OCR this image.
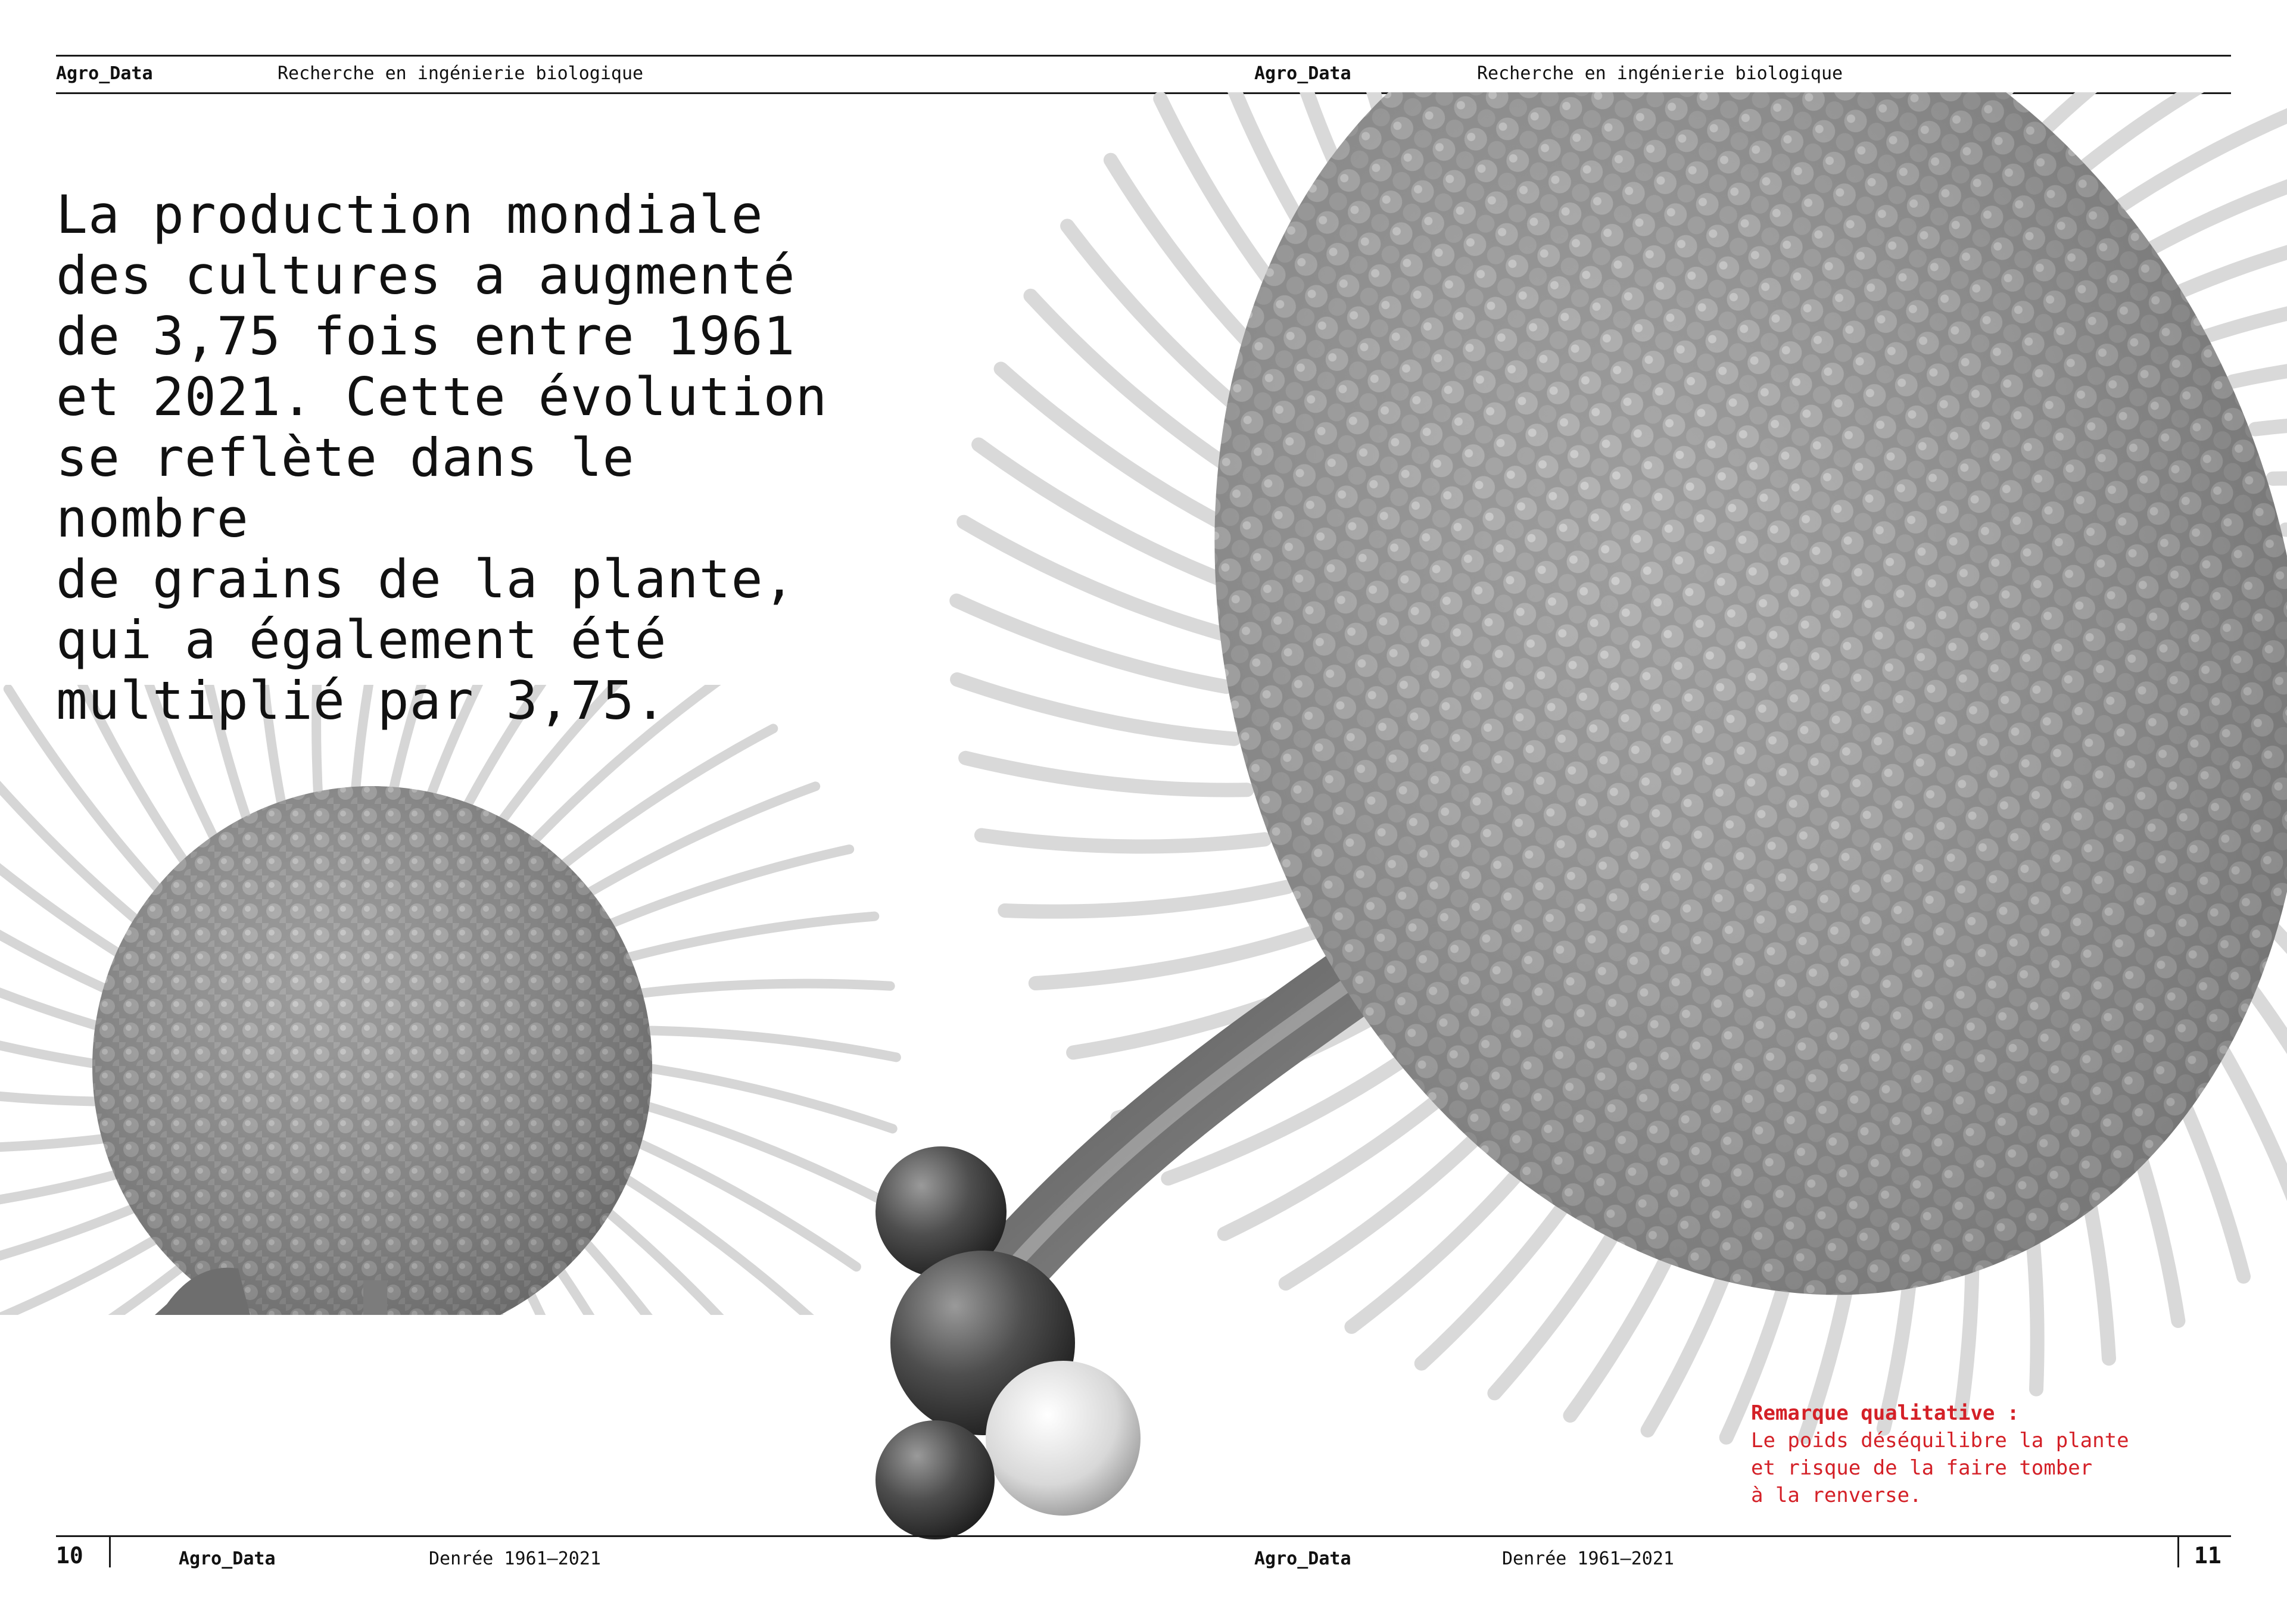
Agro_Data	Recherche en ingénierie biologique	Agro_Data	Recherche en ingénierie biologique
La production mondiale
des cultures a augmenté
de 3,75 fois entre 1961
et 2021. Cette évolution
se reflète dans le nombre
de grains de la plante,
qui a également été
multiplié par 3,75.
Remarque qualitative :
Le poids déséquilibre la plante
et risque de la faire tomber
à la renverse.
10	Agro_Data	Denrée 1961–2021	Agro_Data	Denrée 1961–2021	11
